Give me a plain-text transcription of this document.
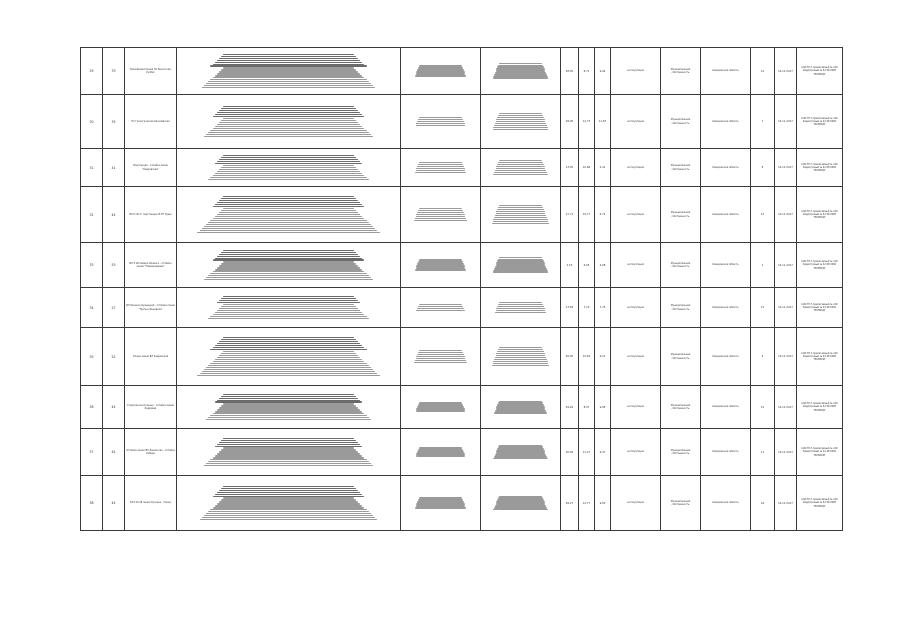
29	33	Трансформаторная ПС Бачатская-Кузбас				28,05	8,71	9,94	эксплуатация	Муниципальная собственность	Кемеровская область	41	14.11.2017	LDR-ТП-Т-прилагаемый № 126 Кадастровый № 42:28 0000 "ВОЗВОД"
30	35	ПС Геологическая Киселёвская				28,05	12,73	11,87	эксплуатация	Муниципальная собственность	Кемеровская область	7	14.11.2017	LDR-ТП-Т-прилагаемый № 126 Кадастровый № 42:28 0000 "ВОЗВОД"
31	41	Подстанция - отпайка линии "Кедровская"				13,05	10,66	4,41	эксплуатация	Муниципальная собственность	Кемеровская область	8	14.11.2017	LDR-ТП-Т-прилагаемый № 126 Кадастровый № 42:28 0000 "ВОЗВОД"
32	44	ВЛ 6 кВ от подстанции Ф-ТП Пущи				27,71	34,77	6,72	эксплуатация	Муниципальная собственность	Кемеровская область	12	14.11.2017	LDR-ТП-Т-прилагаемый № 126 Кадастровый № 42:28 0000 "ВОЗВОД"
33	53	ВЛ 6 кВ Северо-Ленинск - отпайка линии "Наименования"				2,53	6,65	4,68	эксплуатация	Муниципальная собственность	Кемеровская область	1	14.11.2017	LDR-ТП-Т-прилагаемый № 126 Кадастровый № 42:28 0000 "ВОЗВОД"
34	27	ВЛ Ленинск-Кузнецкий - отпайка линии "Третье объездное"				13,69	7,10	7,75	эксплуатация	Муниципальная собственность	Кемеровская область	21	14.11.2017	LDR-ТП-Т-прилагаемый № 126 Кадастровый № 42:28 0000 "ВОЗВОД"
35	52	Опоры линии ВЛ Кедровская				26,05	32,62	9,21	эксплуатация	Муниципальная собственность	Кемеровская область	9	14.11.2017	LDR-ТП-Т-прилагаемый № 126 Кадастровый № 42:28 0000 "ВОЗВОД"
36	44	Старолесное Кузнецк - отпайка линии Кедровая				29,26	8,07	9,85	эксплуатация	Муниципальная собственность	Кемеровская область	15	14.11.2017	LDR-ТП-Т-прилагаемый № 126 Кадастровый № 42:28 0000 "ВОЗВОД"
37	44	Отпайка линии ВЛ Ленинская - отпайка Сибири				30,56	11,27	9,47	эксплуатация	Муниципальная собственность	Кемеровская область	11	14.11.2017	LDR-ТП-Т-прилагаемый № 126 Кадастровый № 42:28 0000 "ВОЗВОД"
38	44	ВЛ 110 кВ линии Кузнецк - Улица				28,27	12,77	9,83	эксплуатация	Муниципальная собственность	Кемеровская область	44	14.11.2017	LDR-ТП-Т-прилагаемый № 126 Кадастровый № 42:28 0000 "ВОЗВОД"
